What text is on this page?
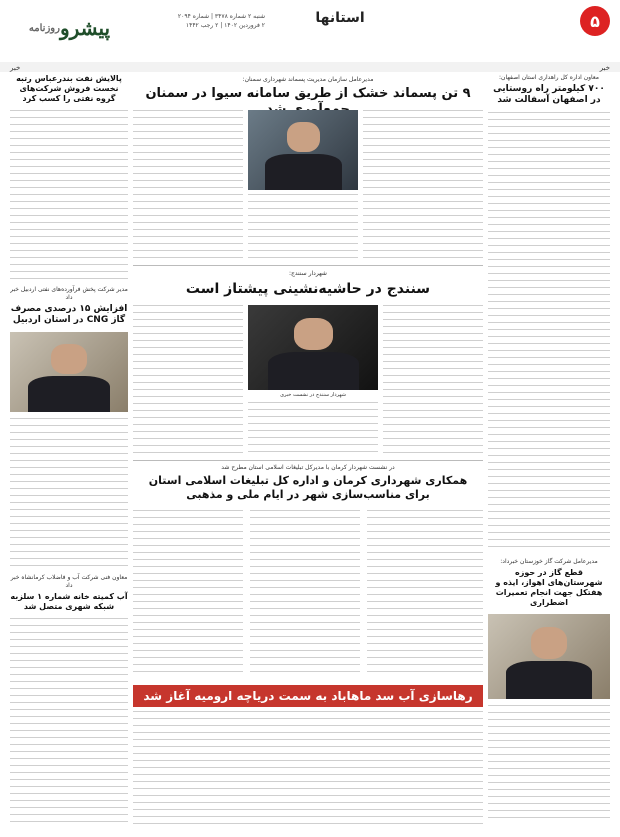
پیشرو
روزنامه
شنبه ۲ شماره ۳۴۷۸ | شماره ۲۰۹۴
۲ فروردین ۱۴۰۲ | ۲ رجب ۱۴۴۲	استانها	۵
خبر	خبر
پالایش نفت بندرعباس رتبه نخست فروش شرکت‌های گروه نفتی را کسب کرد
مدیر شرکت پخش فرآورده‌های نفتی اردبیل خبر داد
افزایش ۱۵ درصدی مصرف گاز CNG در استان اردبیل
معاون فنی شرکت آب و فاضلاب کرمانشاه خبر داد
آب کمیته خانه شماره ۱ سلزبه شبکه شهری متصل شد
مدیرعامل سازمان مدیریت پسماند شهرداری سمنان:
۹ تن پسماند خشک از طریق سامانه سیوا در سمنان
شهردار سنندج:
سنندج در حاشیه‌نشینی پیشتاز است
شهردار سنندج در نشست خبری
در نشست شهردار کرمان با مدیرکل تبلیغات اسلامی استان مطرح شد
همکاری شهرداری کرمان و اداره کل تبلیغات اسلامی استان برای مناسب‌سازی شهر در ایام ملی و مذهبی
رهاسازی آب سد ماهاباد به سمت دریاچه ارومیه آغاز شد
معاون اداره کل راهداری استان اصفهان:
۷۰۰ کیلومتر راه روستایی در اصفهان آسفالت شد
مدیرعامل شرکت گاز خوزستان خبرداد:
قطع گاز در حوزه شهرستان‌های اهواز، ایذه و هفتکل جهت انجام تعمیرات اضطراری
